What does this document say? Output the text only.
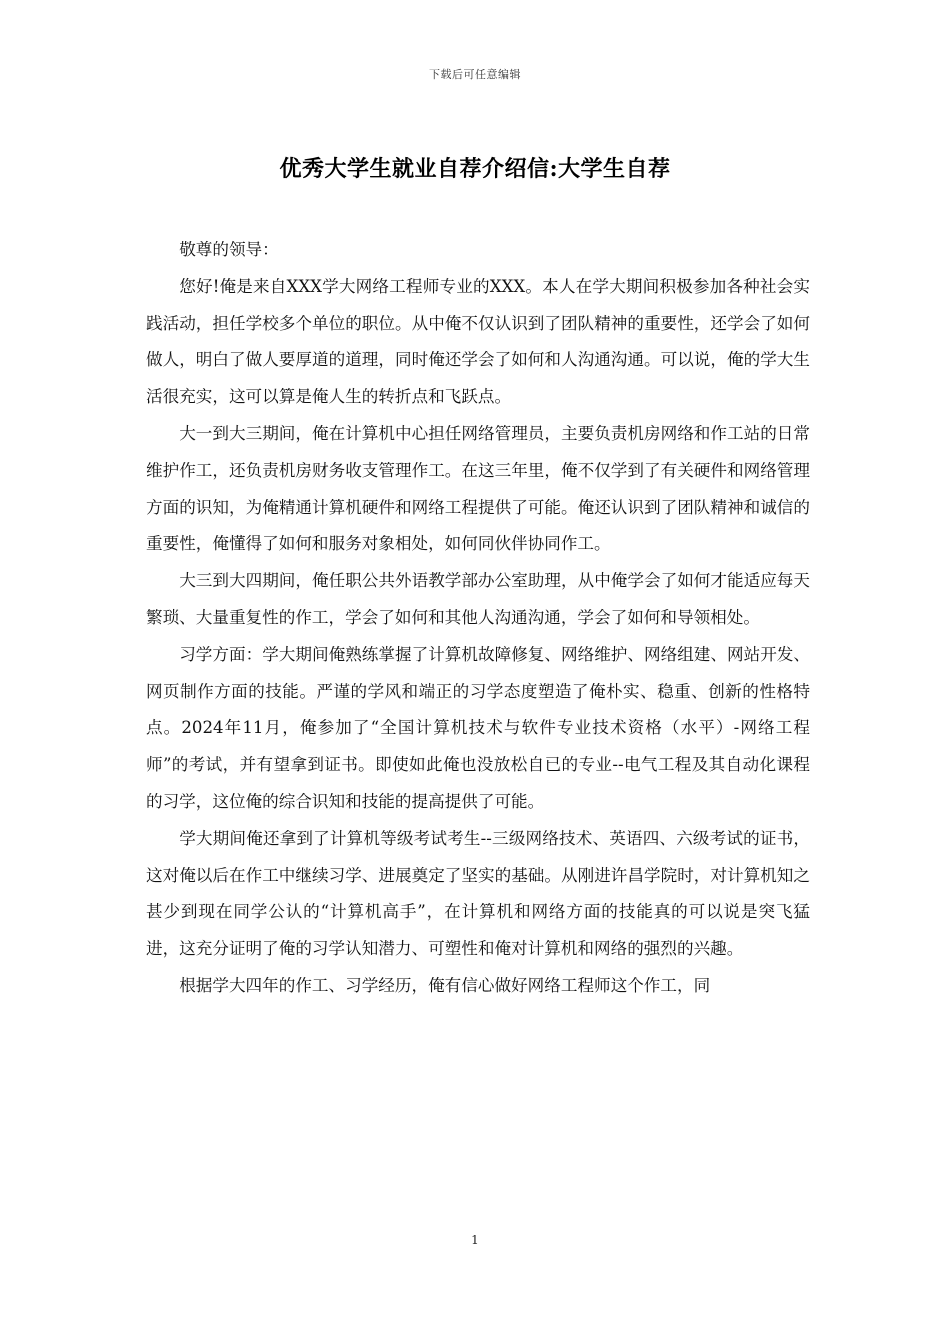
下载后可任意编辑
优秀大学生就业自荐介绍信:大学生自荐

敬尊的领导：

您好!俺是来自XXX学大网络工程师专业的XXX。本人在学大期间积极参加各种社会实践活动，担任学校多个单位的职位。从中俺不仅认识到了团队精神的重要性，还学会了如何做人，明白了做人要厚道的道理，同时俺还学会了如何和人沟通沟通。可以说，俺的学大生活很充实，这可以算是俺人生的转折点和飞跃点。

大一到大三期间，俺在计算机中心担任网络管理员，主要负责机房网络和作工站的日常维护作工，还负责机房财务收支管理作工。在这三年里，俺不仅学到了有关硬件和网络管理方面的识知，为俺精通计算机硬件和网络工程提供了可能。俺还认识到了团队精神和诚信的重要性，俺懂得了如何和服务对象相处，如何同伙伴协同作工。

大三到大四期间，俺任职公共外语教学部办公室助理，从中俺学会了如何才能适应每天繁琐、大量重复性的作工，学会了如何和其他人沟通沟通，学会了如何和导领相处。

习学方面：学大期间俺熟练掌握了计算机故障修复、网络维护、网络组建、网站开发、网页制作方面的技能。严谨的学风和端正的习学态度塑造了俺朴实、稳重、创新的性格特点。2024年11月，俺参加了“全国计算机技术与软件专业技术资格（水平）-网络工程师”的考试，并有望拿到证书。即使如此俺也没放松自已的专业--电气工程及其自动化课程的习学，这位俺的综合识知和技能的提高提供了可能。

学大期间俺还拿到了计算机等级考试考生--三级网络技术、英语四、六级考试的证书，这对俺以后在作工中继续习学、进展奠定了坚实的基础。从刚进许昌学院时，对计算机知之甚少到现在同学公认的“计算机高手”，在计算机和网络方面的技能真的可以说是突飞猛进，这充分证明了俺的习学认知潜力、可塑性和俺对计算机和网络的强烈的兴趣。

根据学大四年的作工、习学经历，俺有信心做好网络工程师这个作工，同

1
